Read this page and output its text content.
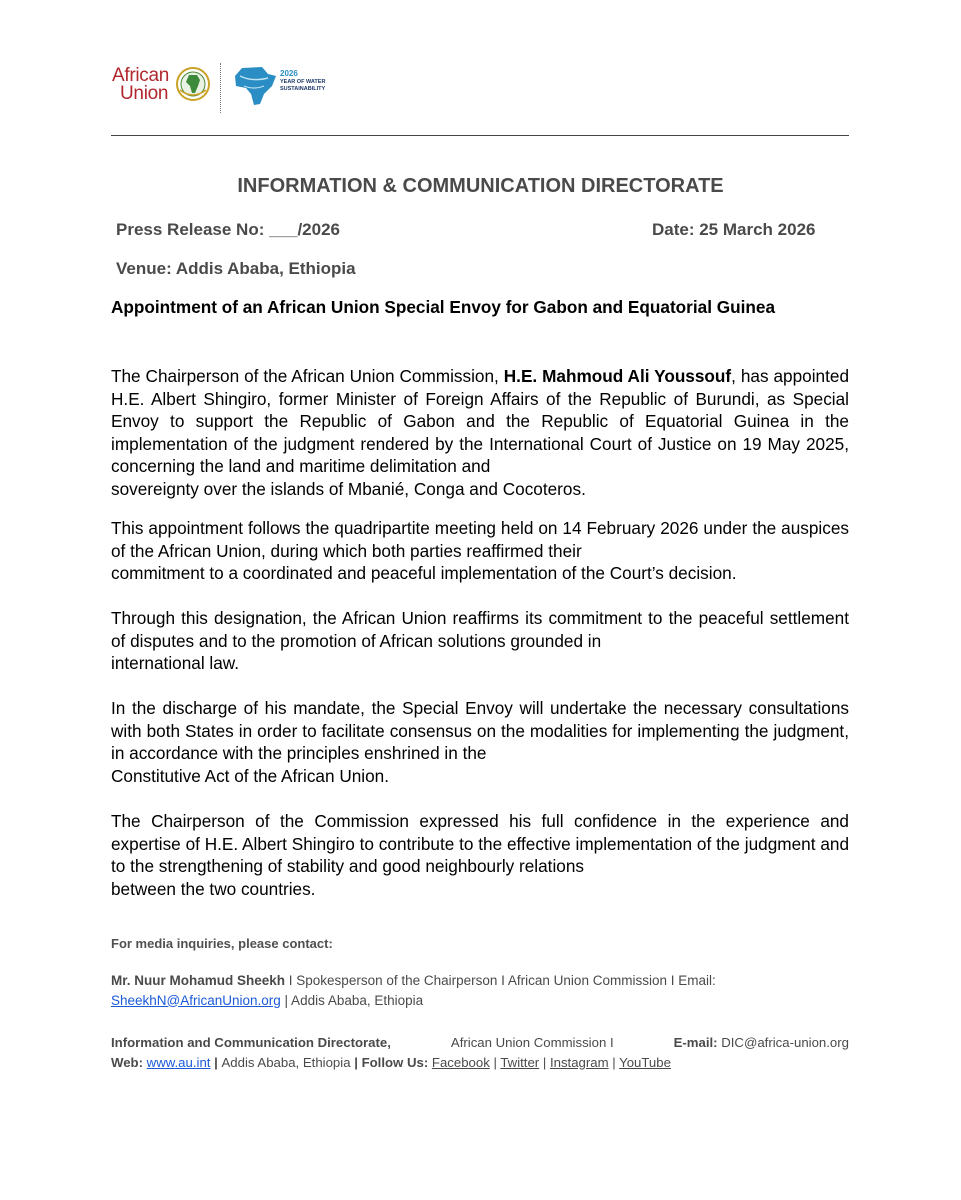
African
Union
2026
YEAR OF WATER
SUSTAINABILITY
INFORMATION & COMMUNICATION DIRECTORATE
Press Release No: ___/2026	Date: 25 March 2026
Venue: Addis Ababa, Ethiopia
Appointment of an African Union Special Envoy for Gabon and Equatorial Guinea
The Chairperson of the African Union Commission, H.E. Mahmoud Ali Youssouf, has appointed H.E. Albert Shingiro, former Minister of Foreign Affairs of the Republic of Burundi, as Special Envoy to support the Republic of Gabon and the Republic of Equatorial Guinea in the implementation of the judgment rendered by the International Court of Justice on 19 May 2025, concerning the land and maritime delimitation and
sovereignty over the islands of Mbanié, Conga and Cocoteros.
This appointment follows the quadripartite meeting held on 14 February 2026 under the auspices of the African Union, during which both parties reaffirmed their
commitment to a coordinated and peaceful implementation of the Court’s decision.
Through this designation, the African Union reaffirms its commitment to the peaceful settlement of disputes and to the promotion of African solutions grounded in
international law.
In the discharge of his mandate, the Special Envoy will undertake the necessary consultations with both States in order to facilitate consensus on the modalities for implementing the judgment, in accordance with the principles enshrined in the
Constitutive Act of the African Union.
The Chairperson of the Commission expressed his full confidence in the experience and expertise of H.E. Albert Shingiro to contribute to the effective implementation of the judgment and to the strengthening of stability and good neighbourly relations
between the two countries.
For media inquiries, please contact:
Mr. Nuur Mohamud Sheekh I Spokesperson of the Chairperson I African Union Commission I Email:
SheekhN@AfricanUnion.org | Addis Ababa, Ethiopia
Information and Communication Directorate,	African Union Commission I	E-mail: DIC@africa-union.org
Web: www.au.int | Addis Ababa, Ethiopia | Follow Us: Facebook | Twitter | Instagram | YouTube
